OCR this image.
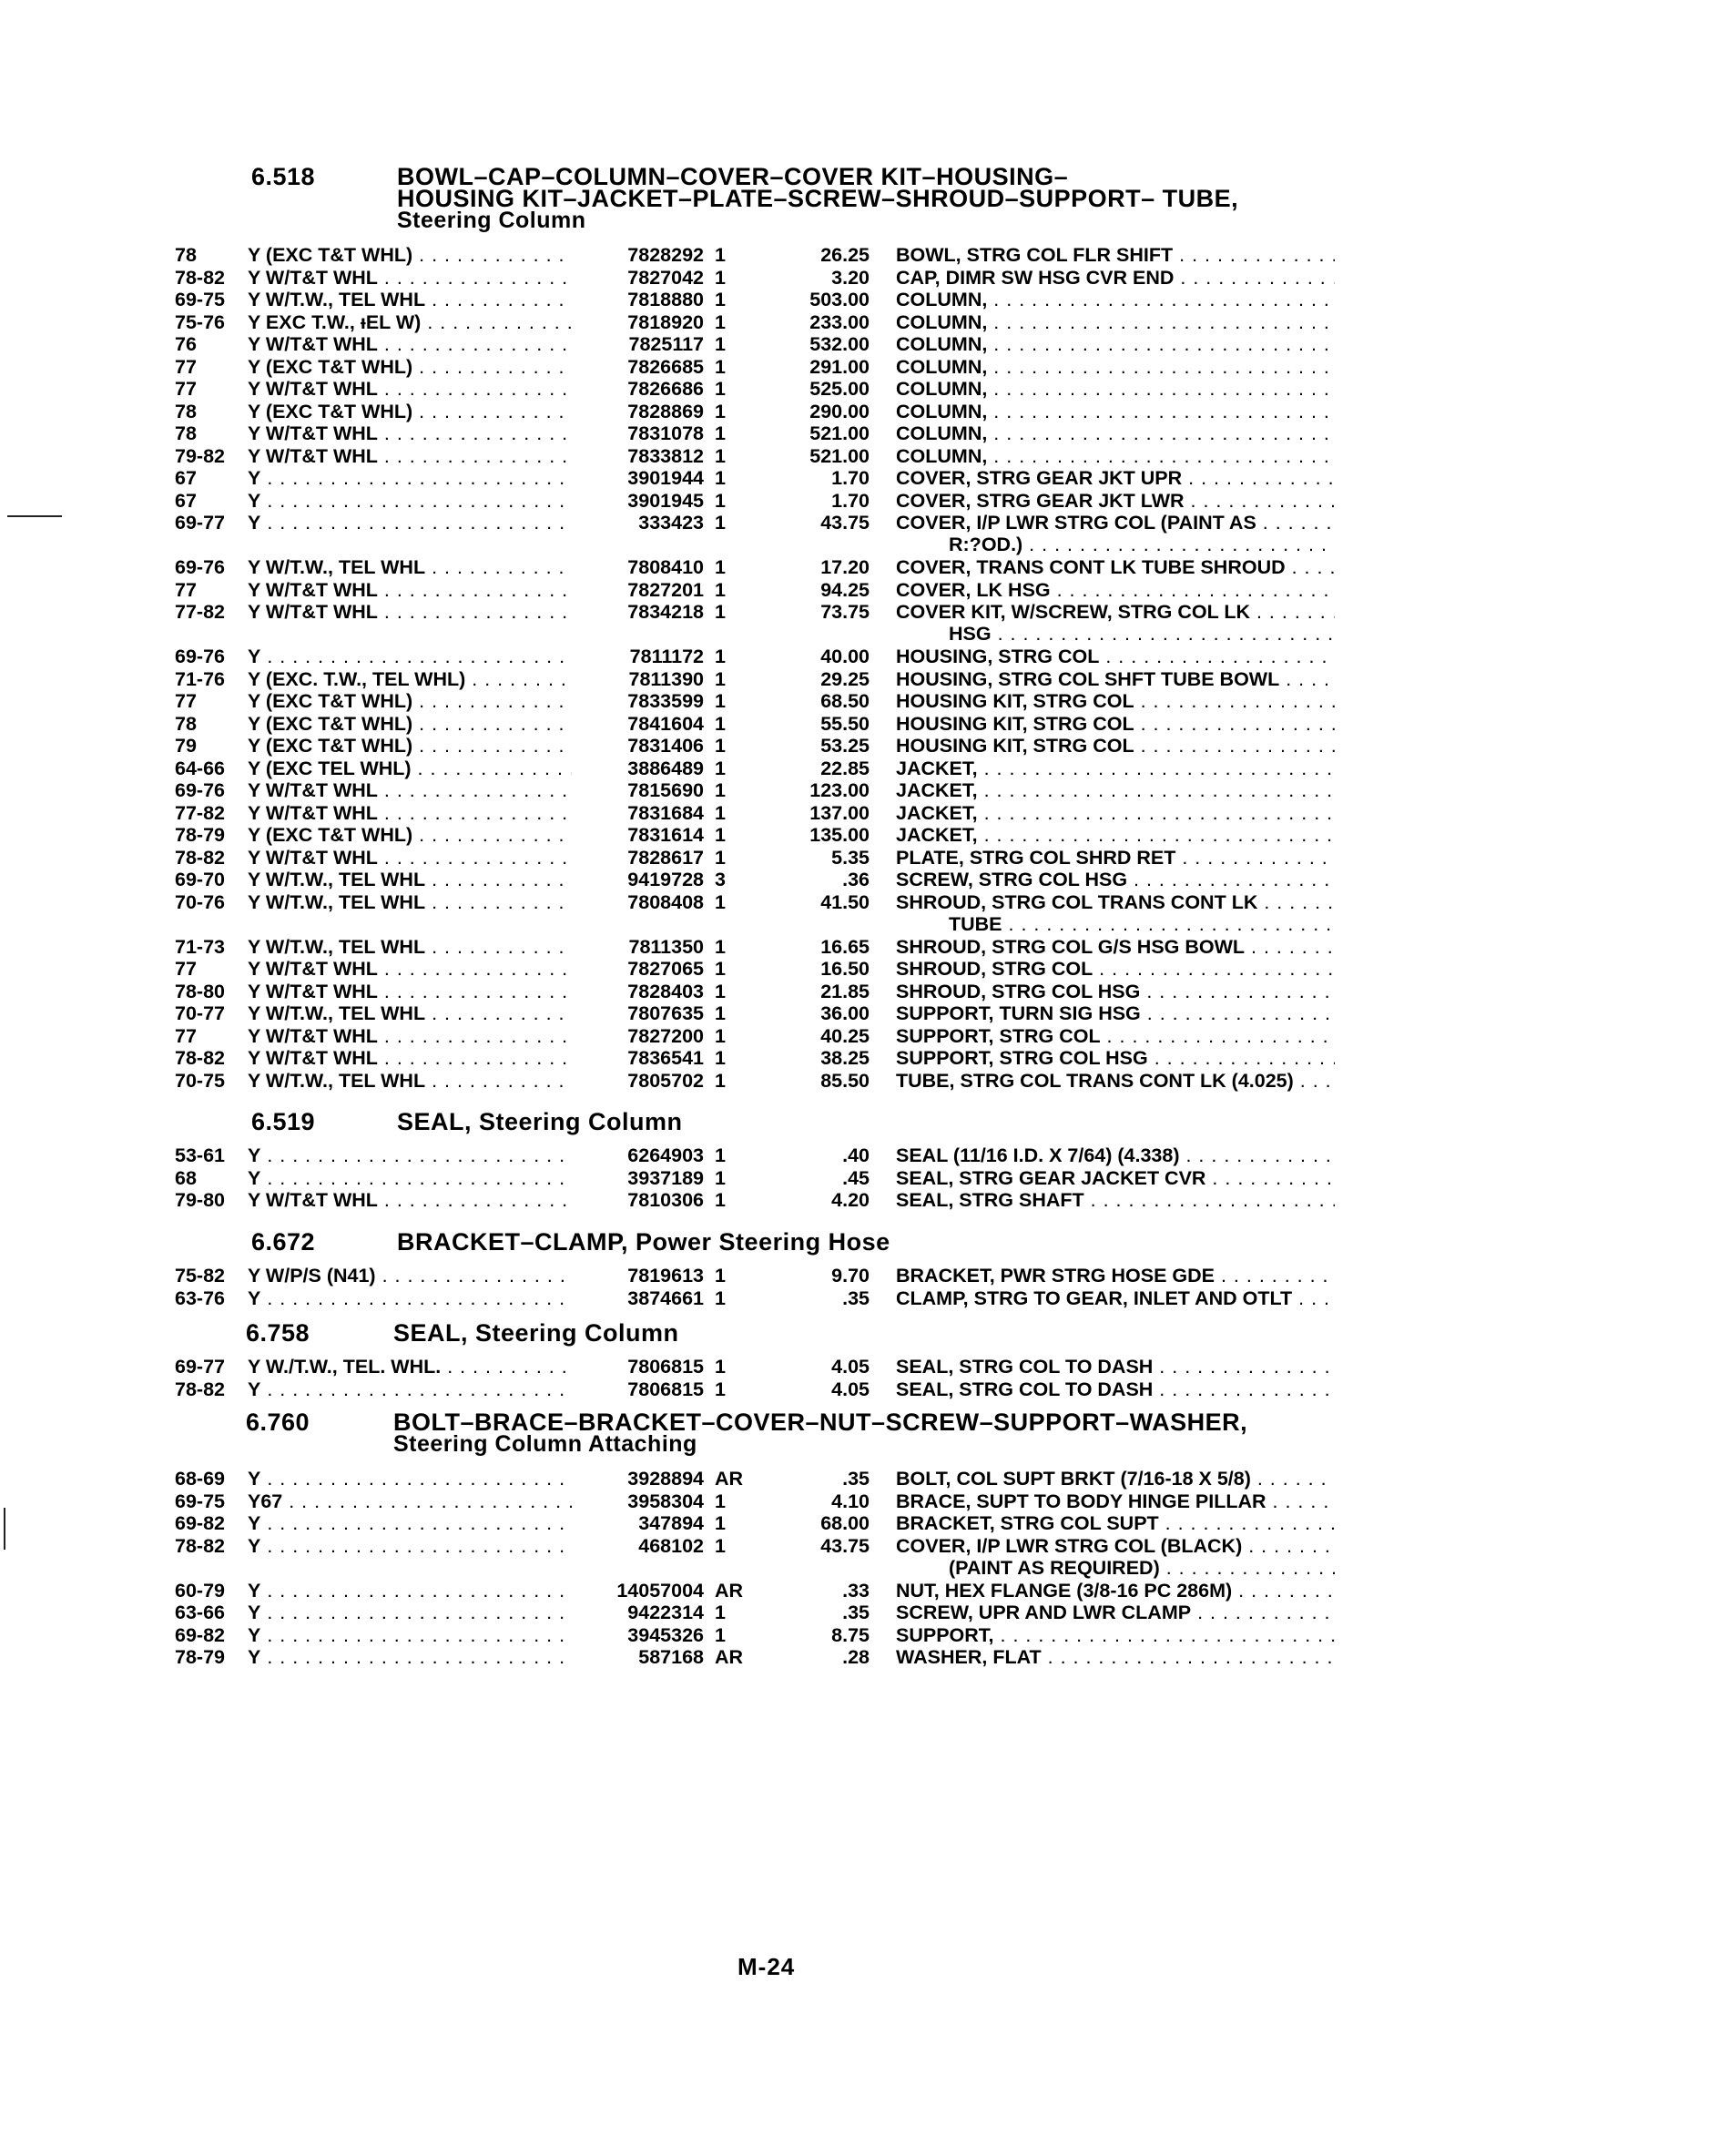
M-24
6.518	BOWL–CAP–COLUMN–COVER–COVER KIT–HOUSING–
HOUSING KIT–JACKET–PLATE–SCREW–SHROUD–SUPPORT– TUBE,
Steering Column
78	Y (EXC T&T WHL) . . .	7828292 1	26.25 BOWL, STRG COL FLR SHIFT . . .
78-82	Y W/T&T WHL . . .	7827042 1	3.20 CAP, DIMR SW HSG CVR END . . .
69-75	Y W/T.W., TEL WHL . . .	7818880 1	503.00 COLUMN, . . .
75-76	Y EXC T.W., ᵼEL W) . . .	7818920 1	233.00 COLUMN, . . .
76	Y W/T&T WHL . . .	7825117 1	532.00 COLUMN, . . .
77	Y (EXC T&T WHL) . . .	7826685 1	291.00 COLUMN, . . .
77	Y W/T&T WHL . . .	7826686 1	525.00 COLUMN, . . .
78	Y (EXC T&T WHL) . . .	7828869 1	290.00 COLUMN, . . .
78	Y W/T&T WHL . . .	7831078 1	521.00 COLUMN, . . .
79-82	Y W/T&T WHL . . .	7833812 1	521.00 COLUMN, . . .
67	Y . . .	3901944 1	1.70 COVER, STRG GEAR JKT UPR . . .
67	Y . . .	3901945 1	1.70 COVER, STRG GEAR JKT LWR . . .
69-77	Y . . .	333423 1	43.75 COVER, I/P LWR STRG COL (PAINT AS . . .
R:?OD.) . . .
69-76	Y W/T.W., TEL WHL . . .	7808410 1	17.20 COVER, TRANS CONT LK TUBE SHROUD . . .
77	Y W/T&T WHL . . .	7827201 1	94.25 COVER, LK HSG . . .
77-82	Y W/T&T WHL . . .	7834218 1	73.75 COVER KIT, W/SCREW, STRG COL LK . . .
HSG . . .
69-76	Y . . .	7811172 1	40.00 HOUSING, STRG COL . . .
71-76	Y (EXC. T.W., TEL WHL) . . .	7811390 1	29.25 HOUSING, STRG COL SHFT TUBE BOWL . . .
77	Y (EXC T&T WHL) . . .	7833599 1	68.50 HOUSING KIT, STRG COL . . .
78	Y (EXC T&T WHL) . . .	7841604 1	55.50 HOUSING KIT, STRG COL . . .
79	Y (EXC T&T WHL) . . .	7831406 1	53.25 HOUSING KIT, STRG COL . . .
64-66	Y (EXC TEL WHL) . . .	3886489 1	22.85 JACKET, . . .
69-76	Y W/T&T WHL . . .	7815690 1	123.00 JACKET, . . .
77-82	Y W/T&T WHL . . .	7831684 1	137.00 JACKET, . . .
78-79	Y (EXC T&T WHL) . . .	7831614 1	135.00 JACKET, . . .
78-82	Y W/T&T WHL . . .	7828617 1	5.35 PLATE, STRG COL SHRD RET . . .
69-70	Y W/T.W., TEL WHL . . .	9419728 3	.36 SCREW, STRG COL HSG . . .
70-76	Y W/T.W., TEL WHL . . .	7808408 1	41.50 SHROUD, STRG COL TRANS CONT LK . . .
TUBE . . .
71-73	Y W/T.W., TEL WHL . . .	7811350 1	16.65 SHROUD, STRG COL G/S HSG BOWL . . .
77	Y W/T&T WHL . . .	7827065 1	16.50 SHROUD, STRG COL . . .
78-80	Y W/T&T WHL . . .	7828403 1	21.85 SHROUD, STRG COL HSG . . .
70-77	Y W/T.W., TEL WHL . . .	7807635 1	36.00 SUPPORT, TURN SIG HSG . . .
77	Y W/T&T WHL . . .	7827200 1	40.25 SUPPORT, STRG COL . . .
78-82	Y W/T&T WHL . . .	7836541 1	38.25 SUPPORT, STRG COL HSG . . .
70-75	Y W/T.W., TEL WHL . . .	7805702 1	85.50 TUBE, STRG COL TRANS CONT LK (4.025) . . .
6.519	SEAL, Steering Column
53-61	Y . . .	6264903 1	.40 SEAL (11/16 I.D. X 7/64) (4.338) . . .
68	Y . . .	3937189 1	.45 SEAL, STRG GEAR JACKET CVR . . .
79-80	Y W/T&T WHL . . .	7810306 1	4.20 SEAL, STRG SHAFT . . .
6.672	BRACKET–CLAMP, Power Steering Hose
75-82	Y W/P/S (N41) . . .	7819613 1	9.70 BRACKET, PWR STRG HOSE GDE . . .
63-76	Y . . .	3874661 1	.35 CLAMP, STRG TO GEAR, INLET AND OTLT . . .
6.758	SEAL, Steering Column
69-77	Y W./T.W., TEL. WHL. . . .	7806815 1	4.05 SEAL, STRG COL TO DASH . . .
78-82	Y . . .	7806815 1	4.05 SEAL, STRG COL TO DASH . . .
6.760	BOLT–BRACE–BRACKET–COVER–NUT–SCREW–SUPPORT–WASHER,
Steering Column Attaching
68-69	Y . . .	3928894 AR	.35 BOLT, COL SUPT BRKT (7/16-18 X 5/8) . . .
69-75	Y67 . . .	3958304 1	4.10 BRACE, SUPT TO BODY HINGE PILLAR . . .
69-82	Y . . .	347894 1	68.00 BRACKET, STRG COL SUPT . . .
78-82	Y . . .	468102 1	43.75 COVER, I/P LWR STRG COL (BLACK) . . .
(PAINT AS REQUIRED) . . .
60-79	Y . . .	14057004 AR	.33 NUT, HEX FLANGE (3/8-16 PC 286M) . . .
63-66	Y . . .	9422314 1	.35 SCREW, UPR AND LWR CLAMP . . .
69-82	Y . . .	3945326 1	8.75 SUPPORT, . . .
78-79	Y . . .	587168 AR	.28 WASHER, FLAT . . .
